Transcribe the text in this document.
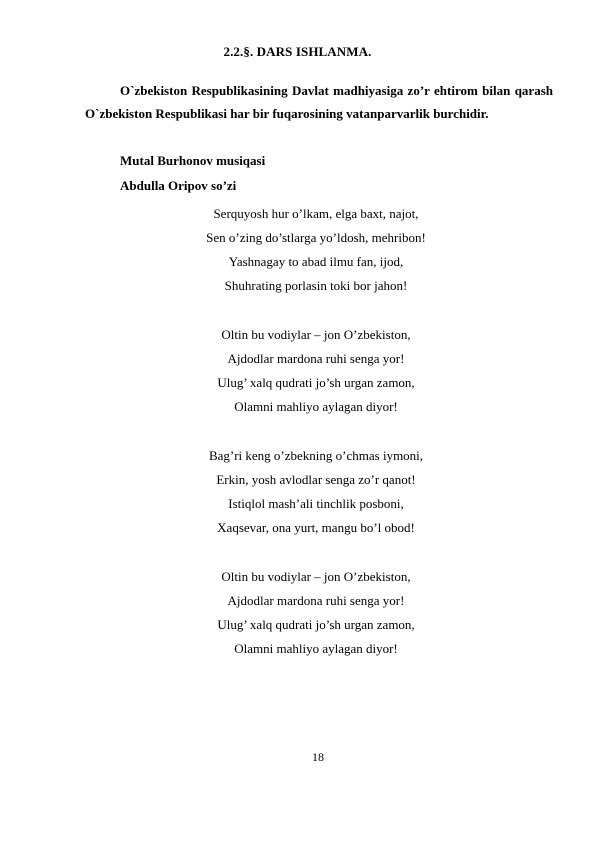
2.2.§. DARS ISHLANMA.
O`zbekiston Respublikasining Davlat madhiyasiga zo’r ehtirom bilan qarash O`zbekiston Respublikasi har bir fuqarosining vatanparvarlik burchidir.
Mutal Burhonov musiqasi
Abdulla Oripov so’zi
Serquyosh hur o’lkam, elga baxt, najot,
Sen o’zing do’stlarga yo’ldosh, mehribon!
Yashnagay to abad ilmu fan, ijod,
Shuhrating porlasin toki bor jahon!
Oltin bu vodiylar – jon O’zbekiston,
Ajdodlar mardona ruhi senga yor!
Ulug’ xalq qudrati jo’sh urgan zamon,
Olamni mahliyo aylagan diyor!
Bag’ri keng o’zbekning o’chmas iymoni,
Erkin, yosh avlodlar senga zo’r qanot!
Istiqlol mash’ali tinchlik posboni,
Xaqsevar, ona yurt, mangu bo’l obod!
Oltin bu vodiylar – jon O’zbekiston,
Ajdodlar mardona ruhi senga yor!
Ulug’ xalq qudrati jo’sh urgan zamon,
Olamni mahliyo aylagan diyor!
18
